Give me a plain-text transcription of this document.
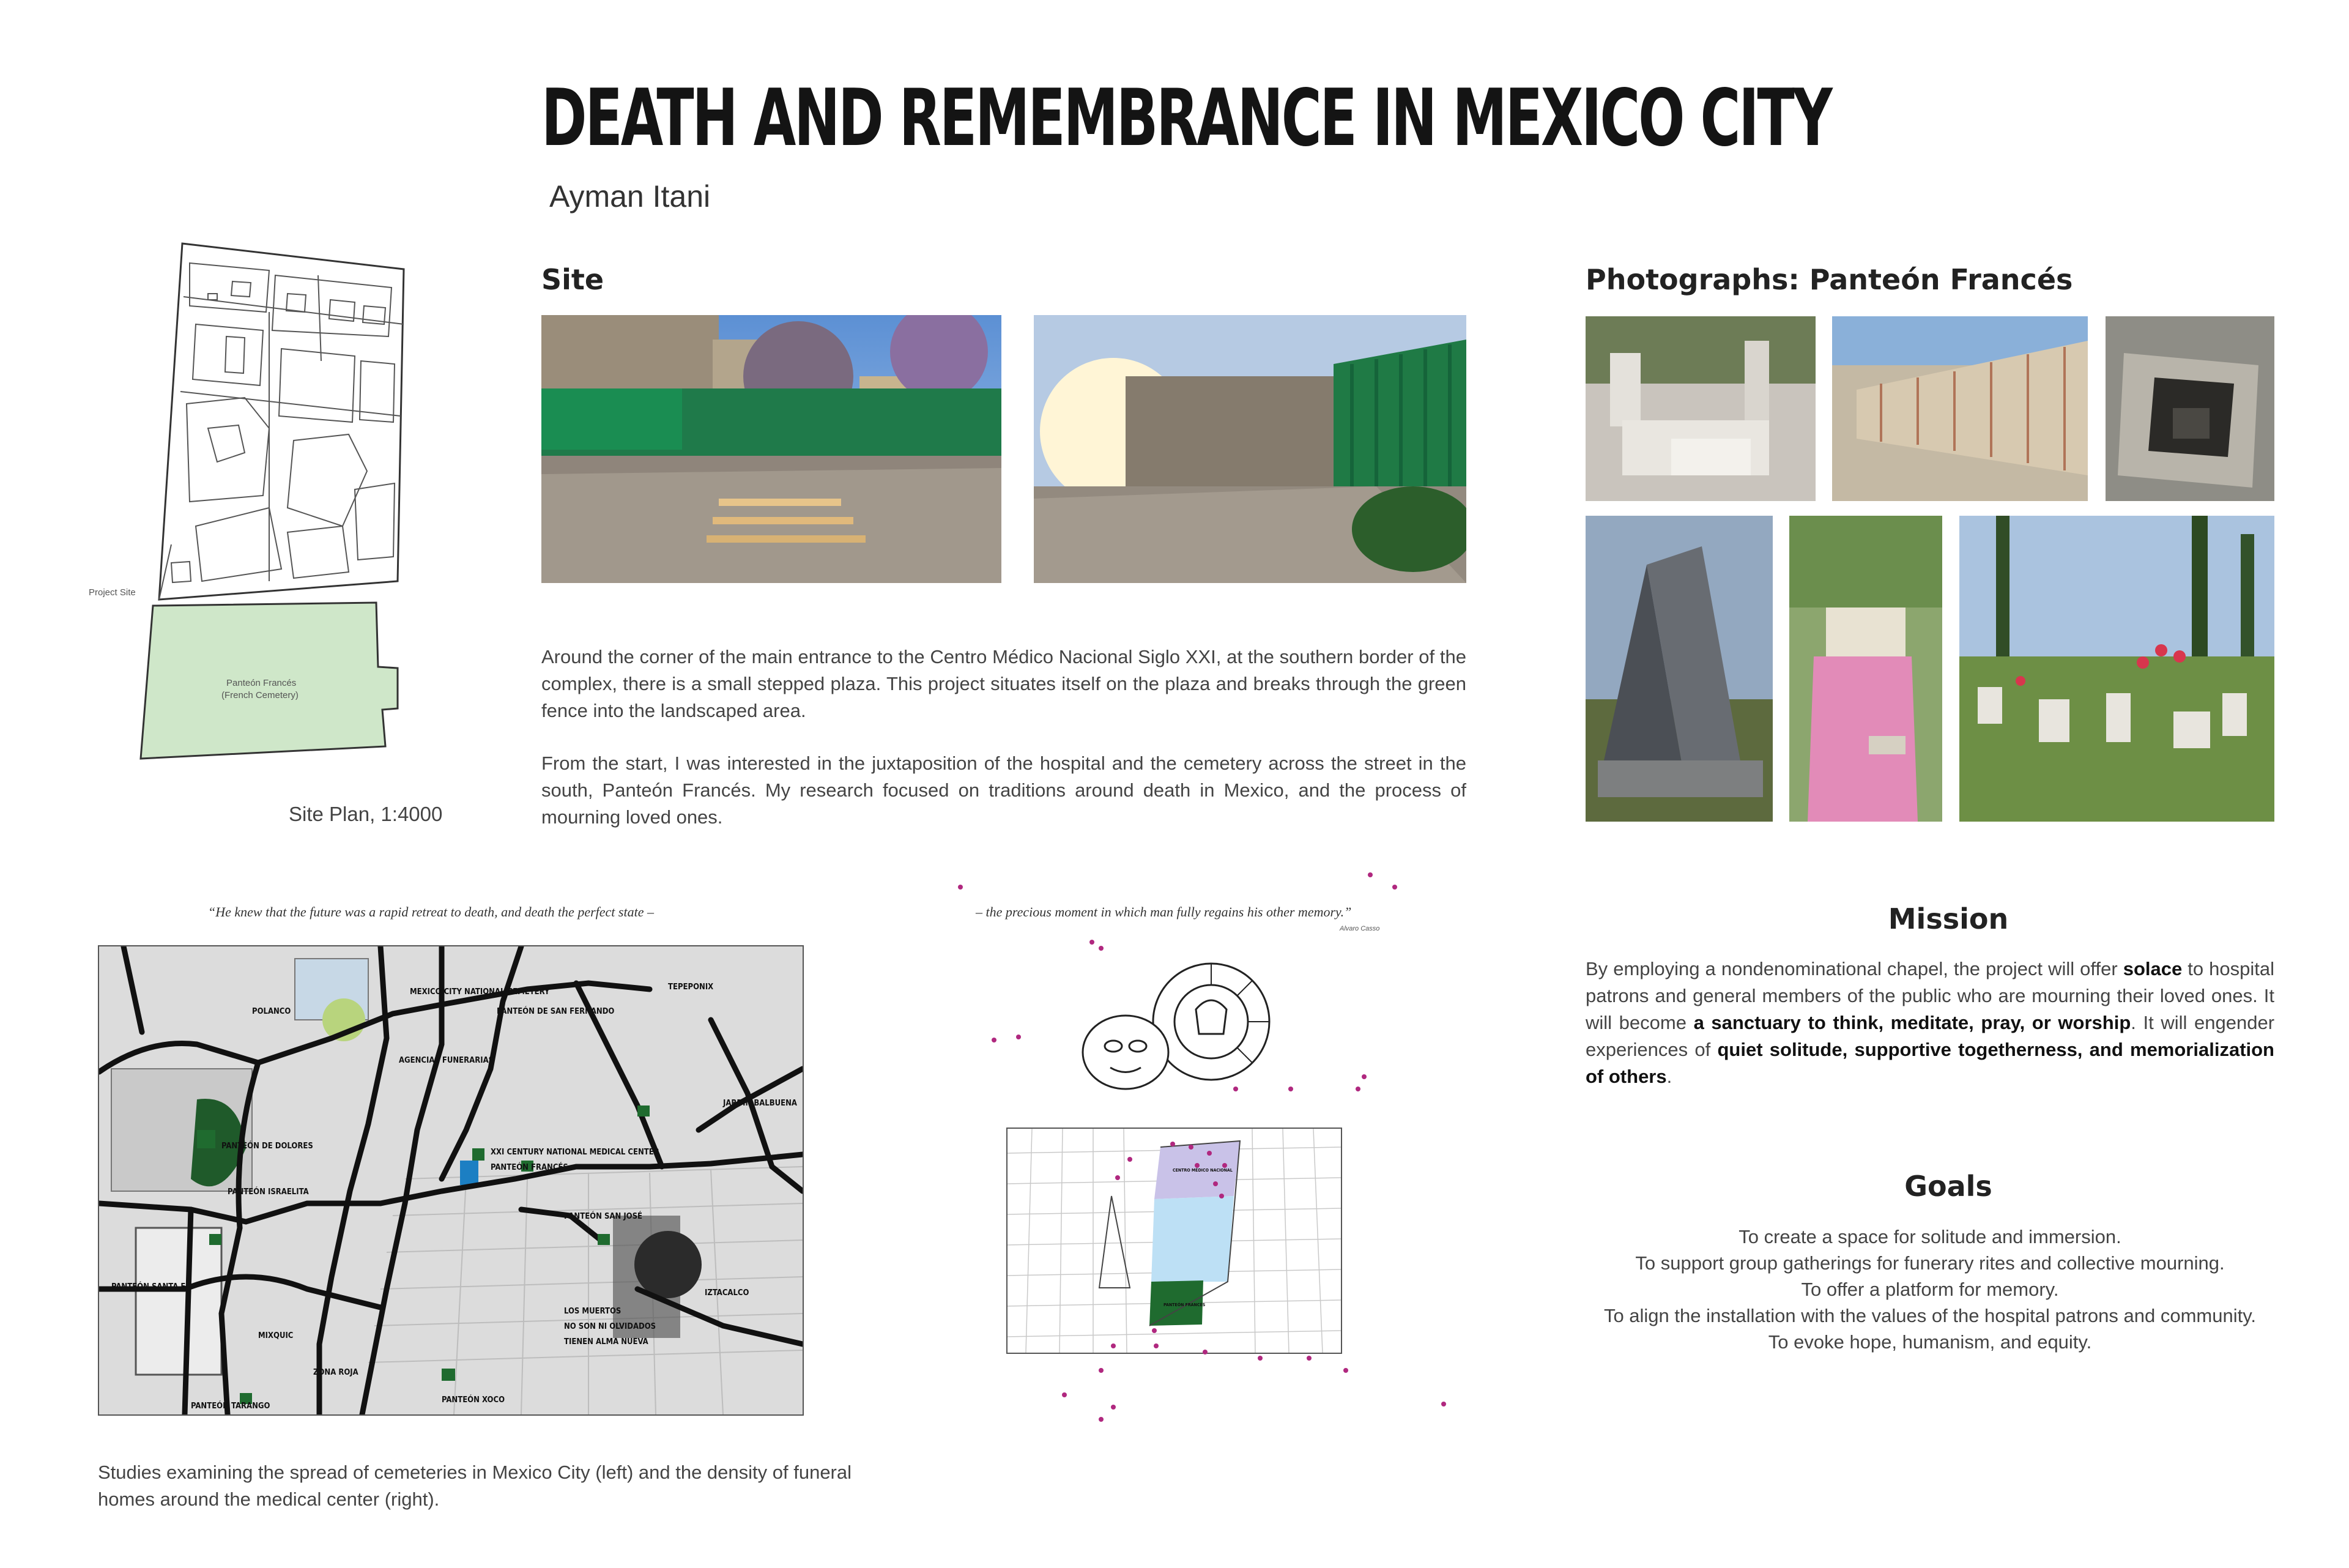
DEATH AND REMEMBRANCE IN MEXICO CITY
Ayman Itani
Project Site
Panteón Francés
(French Cemetery)
Site Plan, 1:4000
Site
Around the corner of the main entrance to the Centro Médico Nacional Siglo XXI, at the southern border of the complex, there is a small stepped plaza. This project situates itself on the plaza and breaks through the green fence into the landscaped area.
From the start, I was interested in the juxtaposition of the hospital and the cemetery across the street in the south, Panteón Francés. My research focused on traditions around death in Mexico, and the process of mourning loved ones.
Photographs: Panteón Francés
Mission
By employing a nondenominational chapel, the project will offer solace to hospital patrons and general members of the public who are mourning their loved ones. It will become a sanctuary to think, meditate, pray, or worship. It will engender experiences of quiet solitude, supportive togetherness, and memorialization of others.
Goals
To create a space for solitude and immersion.
To support group gatherings for funerary rites and collective mourning.
To offer a platform for memory.
To align the installation with the values of the hospital patrons and community.
To evoke hope, humanism, and equity.
“He knew that the future was a rapid retreat to death, and death the perfect state –
MEXICO CITY NATIONAL CEMETERY
PANTEÓN DE SAN FERNANDO
TEPEPONIX
POLANCO
AGENCIAS FUNERARIAS
PANTEÓN DE DOLORES
PANTEÓN ISRAELITA
XXI CENTURY NATIONAL MEDICAL CENTER
PANTEÓN FRANCÉS
PANTEÓN SAN JOSÉ
PANTEÓN SANTA FE
PANTEÓN TARANGO
PANTEÓN XOCO
JARDÍN BALBUENA
IZTACALCO
MIXQUIC
ZONA ROJA
LOS MUERTOS
NO SON NI OLVIDADOS
TIENEN ALMA NUEVA
– the precious moment in which man fully regains his other memory.”
Alvaro Casso
CENTRO MÉDICO NACIONAL
PANTEÓN FRANCÉS
Studies examining the spread of cemeteries in Mexico City (left) and the density of funeral homes around the medical center (right).
